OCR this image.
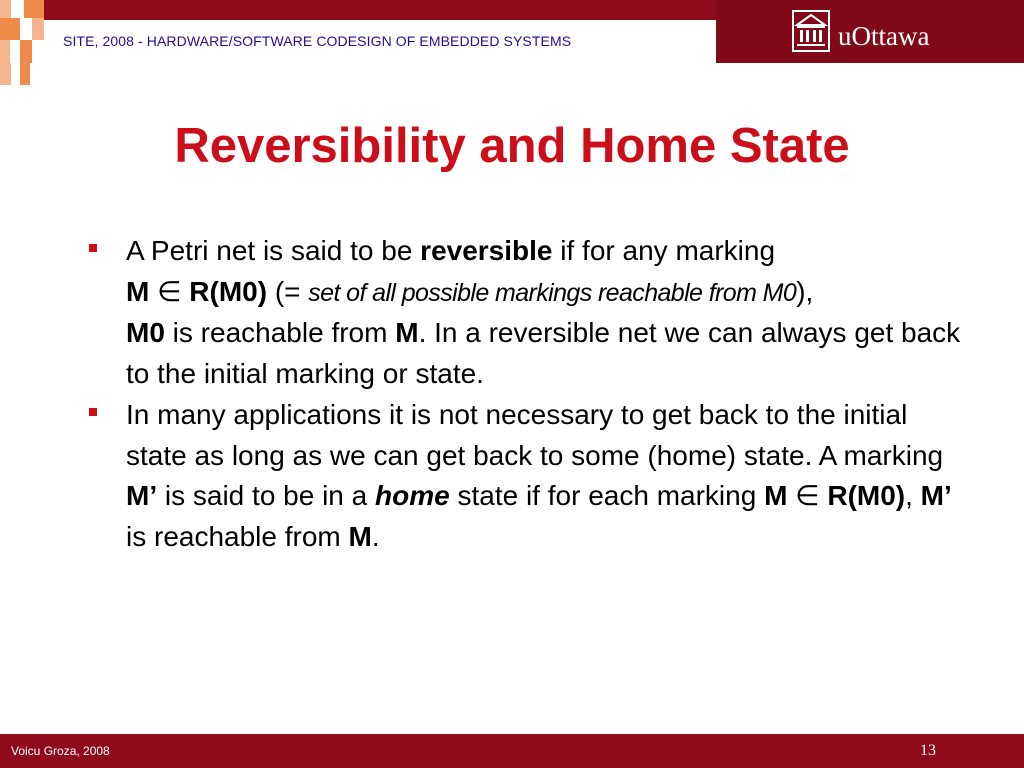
SITE, 2008 - HARDWARE/SOFTWARE CODESIGN OF EMBEDDED SYSTEMS	uOttawa
Reversibility and Home State
A Petri net is said to be reversible if for any marking
M ∈ R(M0) (= set of all possible markings reachable from M0),
M0 is reachable from M. In a reversible net we can always get back to the initial marking or state.
In many applications it is not necessary to get back to the initial state as long as we can get back to some (home) state. A marking M’ is said to be in a home state if for each marking M ∈ R(M0), M’ is reachable from M.
Voicu Groza, 2008	13
